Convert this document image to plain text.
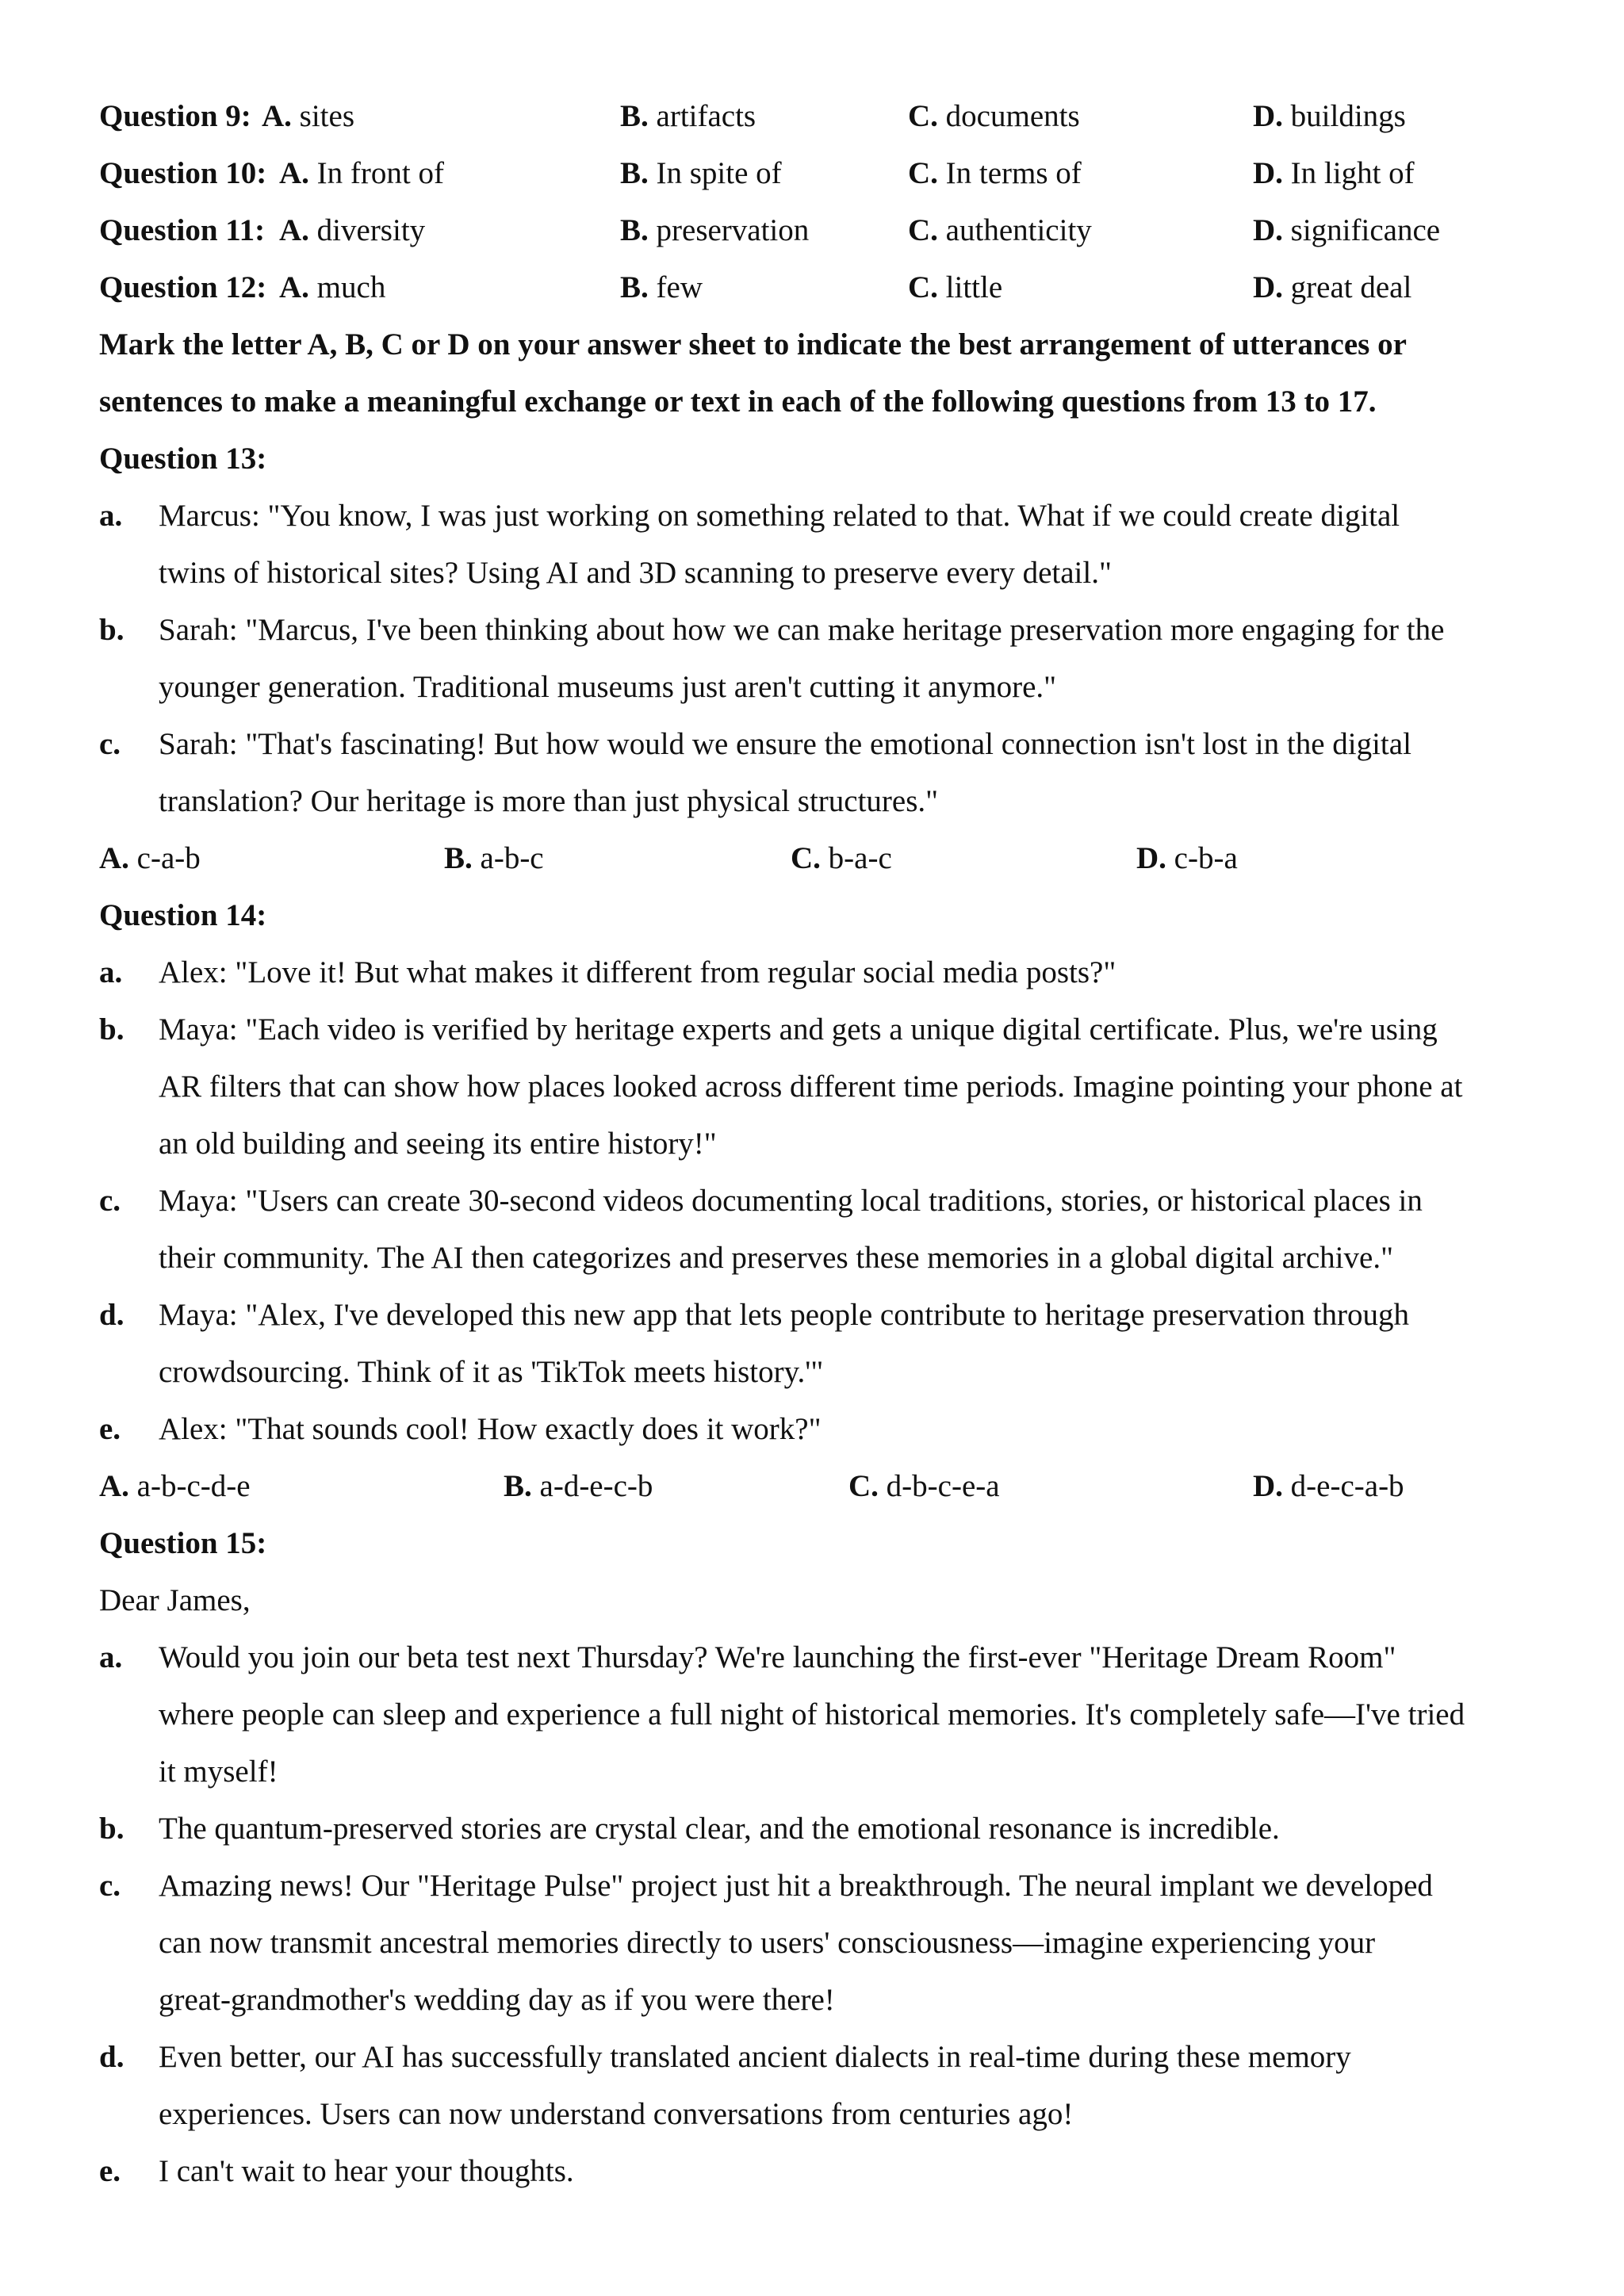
Question 9: A. sites	B. artifacts	C. documents	D. buildings
Question 10: A. In front of	B. In spite of	C. In terms of	D. In light of
Question 11: A. diversity	B. preservation	C. authenticity	D. significance
Question 12: A. much	B. few	C. little	D. great deal
Mark the letter A, B, C or D on your answer sheet to indicate the best arrangement of utterances or
sentences to make a meaningful exchange or text in each of the following questions from 13 to 17.
Question 13:
a. Marcus: "You know, I was just working on something related to that. What if we could create digital
twins of historical sites? Using AI and 3D scanning to preserve every detail."
b. Sarah: "Marcus, I've been thinking about how we can make heritage preservation more engaging for the
younger generation. Traditional museums just aren't cutting it anymore."
c. Sarah: "That's fascinating! But how would we ensure the emotional connection isn't lost in the digital
translation? Our heritage is more than just physical structures."
A. c-a-b	B. a-b-c	C. b-a-c	D. c-b-a
Question 14:
a. Alex: "Love it! But what makes it different from regular social media posts?"
b. Maya: "Each video is verified by heritage experts and gets a unique digital certificate. Plus, we're using
AR filters that can show how places looked across different time periods. Imagine pointing your phone at
an old building and seeing its entire history!"
c. Maya: "Users can create 30-second videos documenting local traditions, stories, or historical places in
their community. The AI then categorizes and preserves these memories in a global digital archive."
d. Maya: "Alex, I've developed this new app that lets people contribute to heritage preservation through
crowdsourcing. Think of it as 'TikTok meets history.'"
e. Alex: "That sounds cool! How exactly does it work?"
A. a-b-c-d-e	B. a-d-e-c-b	C. d-b-c-e-a	D. d-e-c-a-b
Question 15:
Dear James,
a. Would you join our beta test next Thursday? We're launching the first-ever "Heritage Dream Room"
where people can sleep and experience a full night of historical memories. It's completely safe—I've tried
it myself!
b. The quantum-preserved stories are crystal clear, and the emotional resonance is incredible.
c. Amazing news! Our "Heritage Pulse" project just hit a breakthrough. The neural implant we developed
can now transmit ancestral memories directly to users' consciousness—imagine experiencing your
great-grandmother's wedding day as if you were there!
d. Even better, our AI has successfully translated ancient dialects in real-time during these memory
experiences. Users can now understand conversations from centuries ago!
e. I can't wait to hear your thoughts.
